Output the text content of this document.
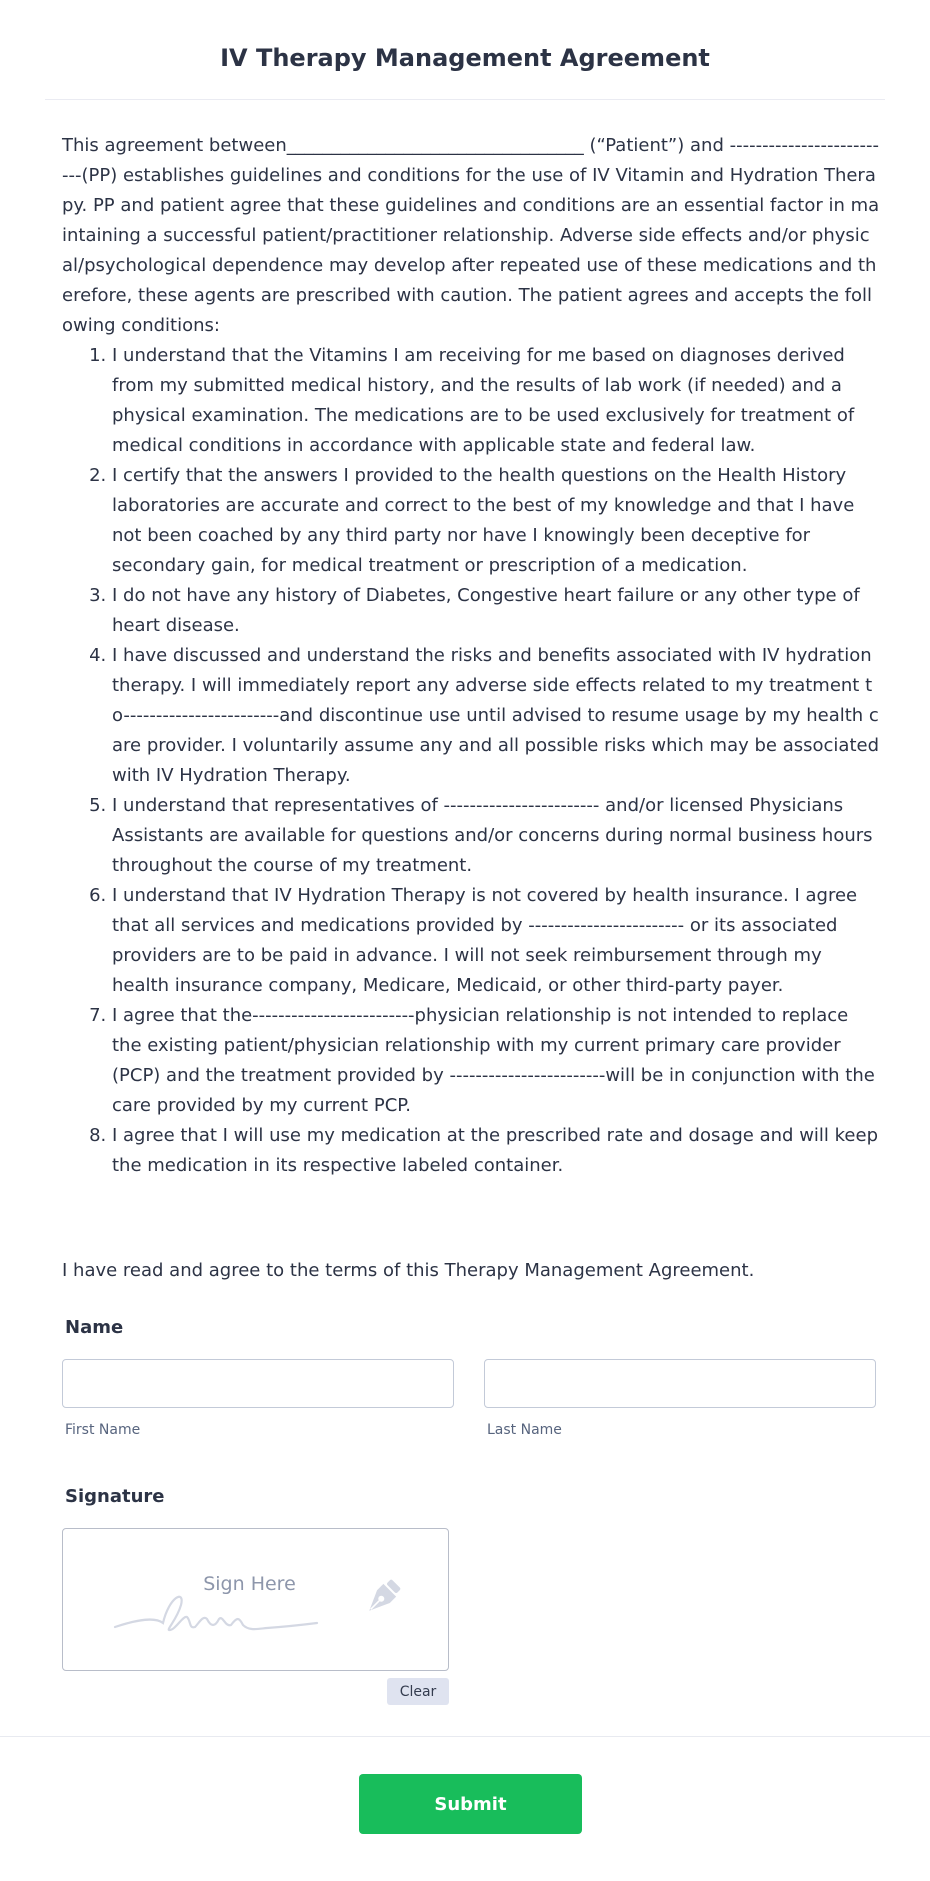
IV Therapy Management Agreement

This agreement between_________________________________ (“Patient”) and --------------------------(PP) establishes guidelines and conditions for the use of IV Vitamin and Hydration Therapy. PP and patient agree that these guidelines and conditions are an essential factor in maintaining a successful patient/practitioner relationship. Adverse side effects and/or physical/psychological dependence may develop after repeated use of these medications and therefore, these agents are prescribed with caution. The patient agrees and accepts the following conditions:

1. I understand that the Vitamins I am receiving for me based on diagnoses derived from my submitted medical history, and the results of lab work (if needed) and a physical examination. The medications are to be used exclusively for treatment of medical conditions in accordance with applicable state and federal law.
2. I certify that the answers I provided to the health questions on the Health History laboratories are accurate and correct to the best of my knowledge and that I have not been coached by any third party nor have I knowingly been deceptive for secondary gain, for medical treatment or prescription of a medication.
3. I do not have any history of Diabetes, Congestive heart failure or any other type of heart disease.
4. I have discussed and understand the risks and benefits associated with IV hydration therapy. I will immediately report any adverse side effects related to my treatment to------------------------and discontinue use until advised to resume usage by my health care provider. I voluntarily assume any and all possible risks which may be associated with IV Hydration Therapy.
5. I understand that representatives of ------------------------ and/or licensed Physicians Assistants are available for questions and/or concerns during normal business hours throughout the course of my treatment.
6. I understand that IV Hydration Therapy is not covered by health insurance. I agree that all services and medications provided by ------------------------ or its associated providers are to be paid in advance. I will not seek reimbursement through my health insurance company, Medicare, Medicaid, or other third-party payer.
7. I agree that the-------------------------physician relationship is not intended to replace the existing patient/physician relationship with my current primary care provider (PCP) and the treatment provided by ------------------------will be in conjunction with the care provided by my current PCP.
8. I agree that I will use my medication at the prescribed rate and dosage and will keep the medication in its respective labeled container.
I have read and agree to the terms of this Therapy Management Agreement.
Name
First Name	Last Name
Signature
Sign Here
Clear
Submit
